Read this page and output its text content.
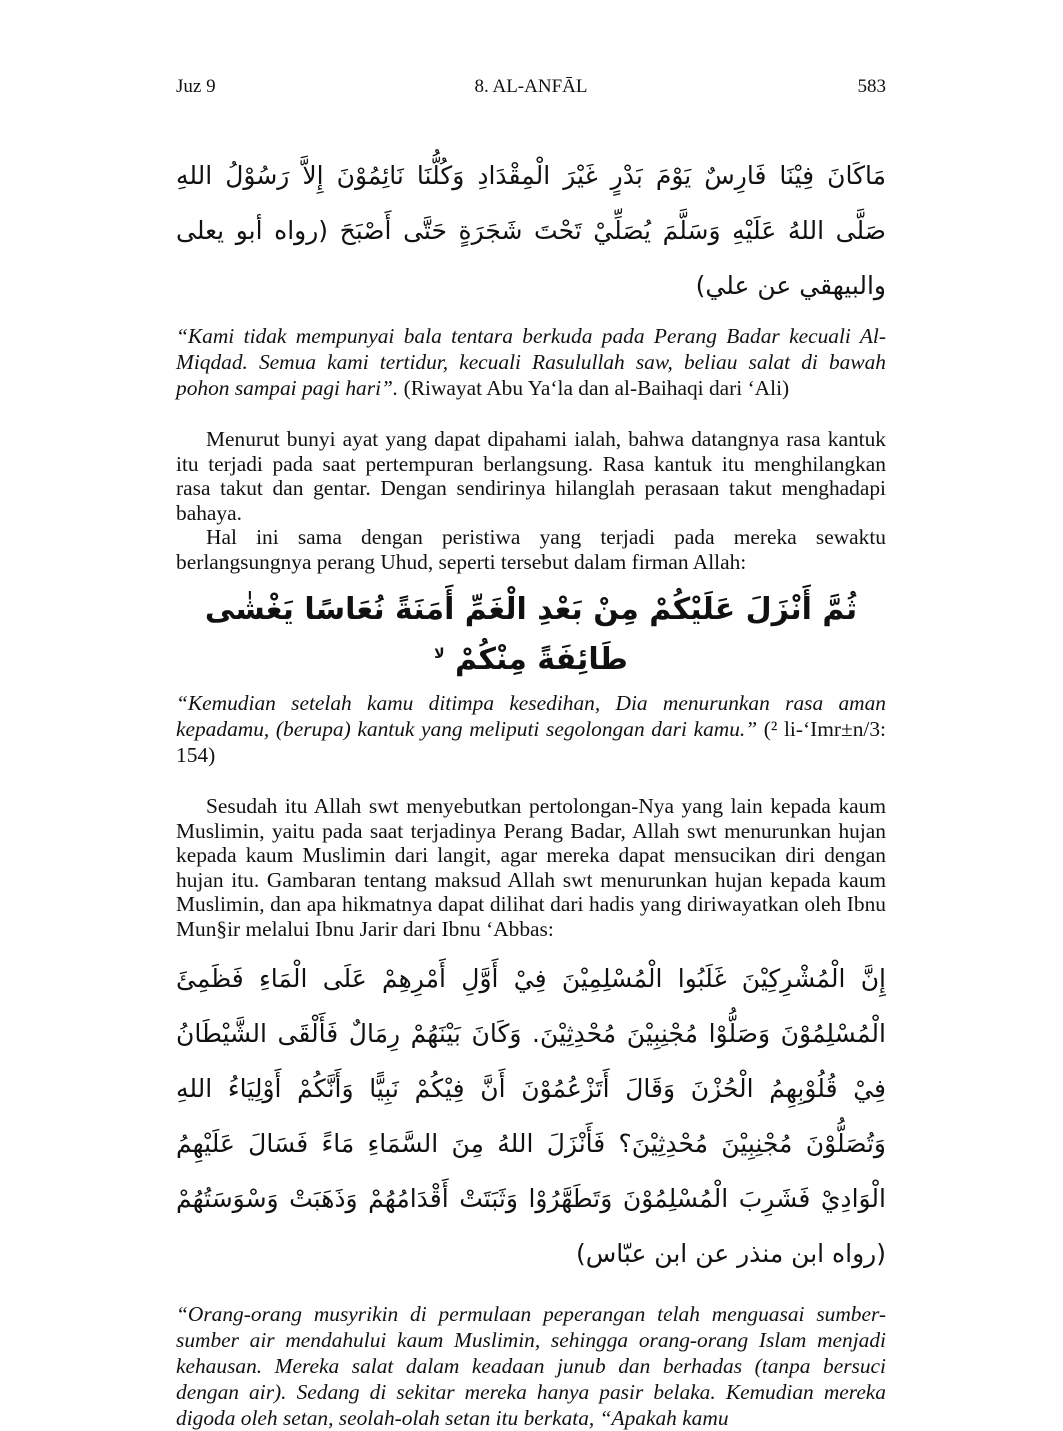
Juz 9	8. AL-ANFĀL	583
مَاكَانَ فِيْنَا فَارِسٌ يَوْمَ بَدْرٍ غَيْرَ الْمِقْدَادِ وَكُلُّنَا نَائِمُوْنَ إِلاَّ رَسُوْلُ اللهِ صَلَّى اللهُ عَلَيْهِ وَسَلَّمَ يُصَلِّيْ تَحْتَ شَجَرَةٍ حَتَّى أَصْبَحَ (رواه أبو يعلى والبيهقي عن علي)

“Kami tidak mempunyai bala tentara berkuda pada Perang Badar kecuali Al-Miqdad. Semua kami tertidur, kecuali Rasulullah saw, beliau salat di bawah pohon sampai pagi hari”. (Riwayat Abu Ya‘la dan al-Baihaqi dari ‘Ali)

Menurut bunyi ayat yang dapat dipahami ialah, bahwa datangnya rasa kantuk itu terjadi pada saat pertempuran berlangsung. Rasa kantuk itu menghilangkan rasa takut dan gentar. Dengan sendirinya hilanglah perasaan takut menghadapi bahaya.

Hal ini sama dengan peristiwa yang terjadi pada mereka sewaktu berlangsungnya perang Uhud, seperti tersebut dalam firman Allah:

ثُمَّ أَنْزَلَ عَلَيْكُمْ مِنْ بَعْدِ الْغَمِّ أَمَنَةً نُعَاسًا يَغْشٰى طَائِفَةً مِنْكُمْ $^{لا}$

“Kemudian setelah kamu ditimpa kesedihan, Dia menurunkan rasa aman kepadamu, (berupa) kantuk yang meliputi segolongan dari kamu.” (² li-‘Imr±n/3: 154)

Sesudah itu Allah swt menyebutkan pertolongan-Nya yang lain kepada kaum Muslimin, yaitu pada saat terjadinya Perang Badar, Allah swt menurunkan hujan kepada kaum Muslimin dari langit, agar mereka dapat mensucikan diri dengan hujan itu. Gambaran tentang maksud Allah swt menurunkan hujan kepada kaum Muslimin, dan apa hikmatnya dapat dilihat dari hadis yang diriwayatkan oleh Ibnu Mun§ir melalui Ibnu Jarir dari Ibnu ‘Abbas:

إِنَّ الْمُشْرِكِيْنَ غَلَبُوا الْمُسْلِمِيْنَ فِيْ أَوَّلِ أَمْرِهِمْ عَلَى الْمَاءِ فَظَمِئَ الْمُسْلِمُوْنَ وَصَلُّوْا مُجْنِبِيْنَ مُحْدِثِيْنَ. وَكَانَ بَيْنَهُمْ رِمَالٌ فَأَلْقَى الشَّيْطَانُ فِيْ قُلُوْبِهِمُ الْحُزْنَ وَقَالَ أَتَزْعُمُوْنَ أَنَّ فِيْكُمْ نَبِيًّا وَأَنَّكُمْ أَوْلِيَاءُ اللهِ وَتُصَلُّوْنَ مُجْنِبِيْنَ مُحْدِثِيْنَ؟ فَأَنْزَلَ اللهُ مِنَ السَّمَاءِ مَاءً فَسَالَ عَلَيْهِمُ الْوَادِيْ فَشَرِبَ الْمُسْلِمُوْنَ وَتَطَهَّرُوْا وَثَبَتَتْ أَقْدَامُهُمْ وَذَهَبَتْ وَسْوَسَتُهُمْ (رواه ابن منذر عن ابن عبّاس)

“Orang-orang musyrikin di permulaan peperangan telah menguasai sumber-sumber air mendahului kaum Muslimin, sehingga orang-orang Islam menjadi kehausan. Mereka salat dalam keadaan junub dan berhadas (tanpa bersuci dengan air). Sedang di sekitar mereka hanya pasir belaka. Kemudian mereka digoda oleh setan, seolah-olah setan itu berkata, “Apakah kamu
